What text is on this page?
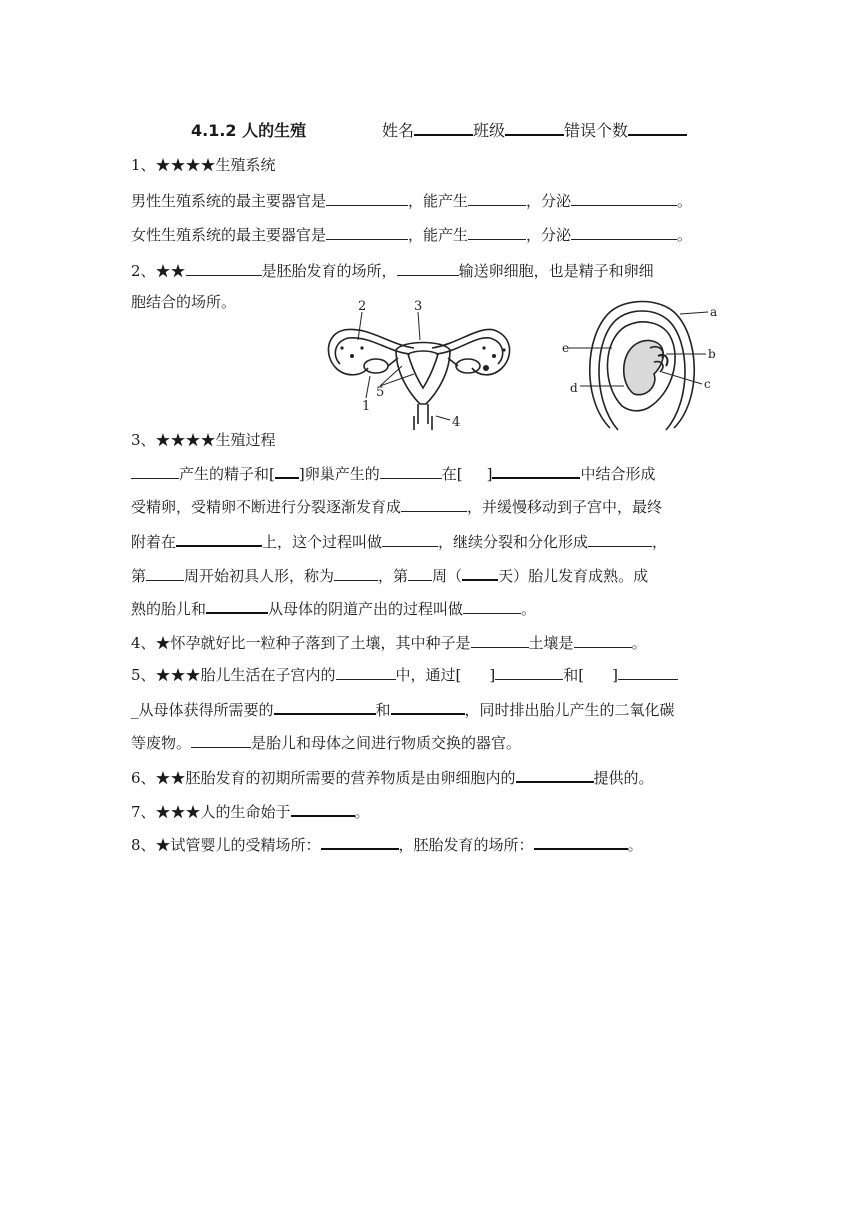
4.1.2 人的生殖	姓名	班级	错误个数
1、★★★★生殖系统
男性生殖系统的最主要器官是	，能产生	，分泌	。
女性生殖系统的最主要器官是	，能产生	，分泌	。
2、★★	是胚胎发育的场所，	输送卵细胞，也是精子和卵细
胞结合的场所。	2	3
1
5
4
a
e	b
d	c
3、★★★★生殖过程
产生的精子和[ ]卵巢产生的	在[ ]	中结合形成
受精卵，受精卵不断进行分裂逐渐发育成	，并缓慢移动到子宫中，最终
附着在	上，这个过程叫做	，继续分裂和分化形成	，
第	周开始初具人形，称为	，第 周（ 天）胎儿发育成熟。成
熟的胎儿和	从母体的阴道产出的过程叫做	。
4、★怀孕就好比一粒种子落到了土壤，其中种子是	土壤是	。
5、★★★胎儿生活在子宫内的	中，通过[ ]	和[ ]
_从母体获得所需要的	和	，同时排出胎儿产生的二氧化碳
等废物。	是胎儿和母体之间进行物质交换的器官。
6、★★胚胎发育的初期所需要的营养物质是由卵细胞内的	提供的。
7、★★★人的生命始于	。
8、★试管婴儿的受精场所：	，胚胎发育的场所：	。
